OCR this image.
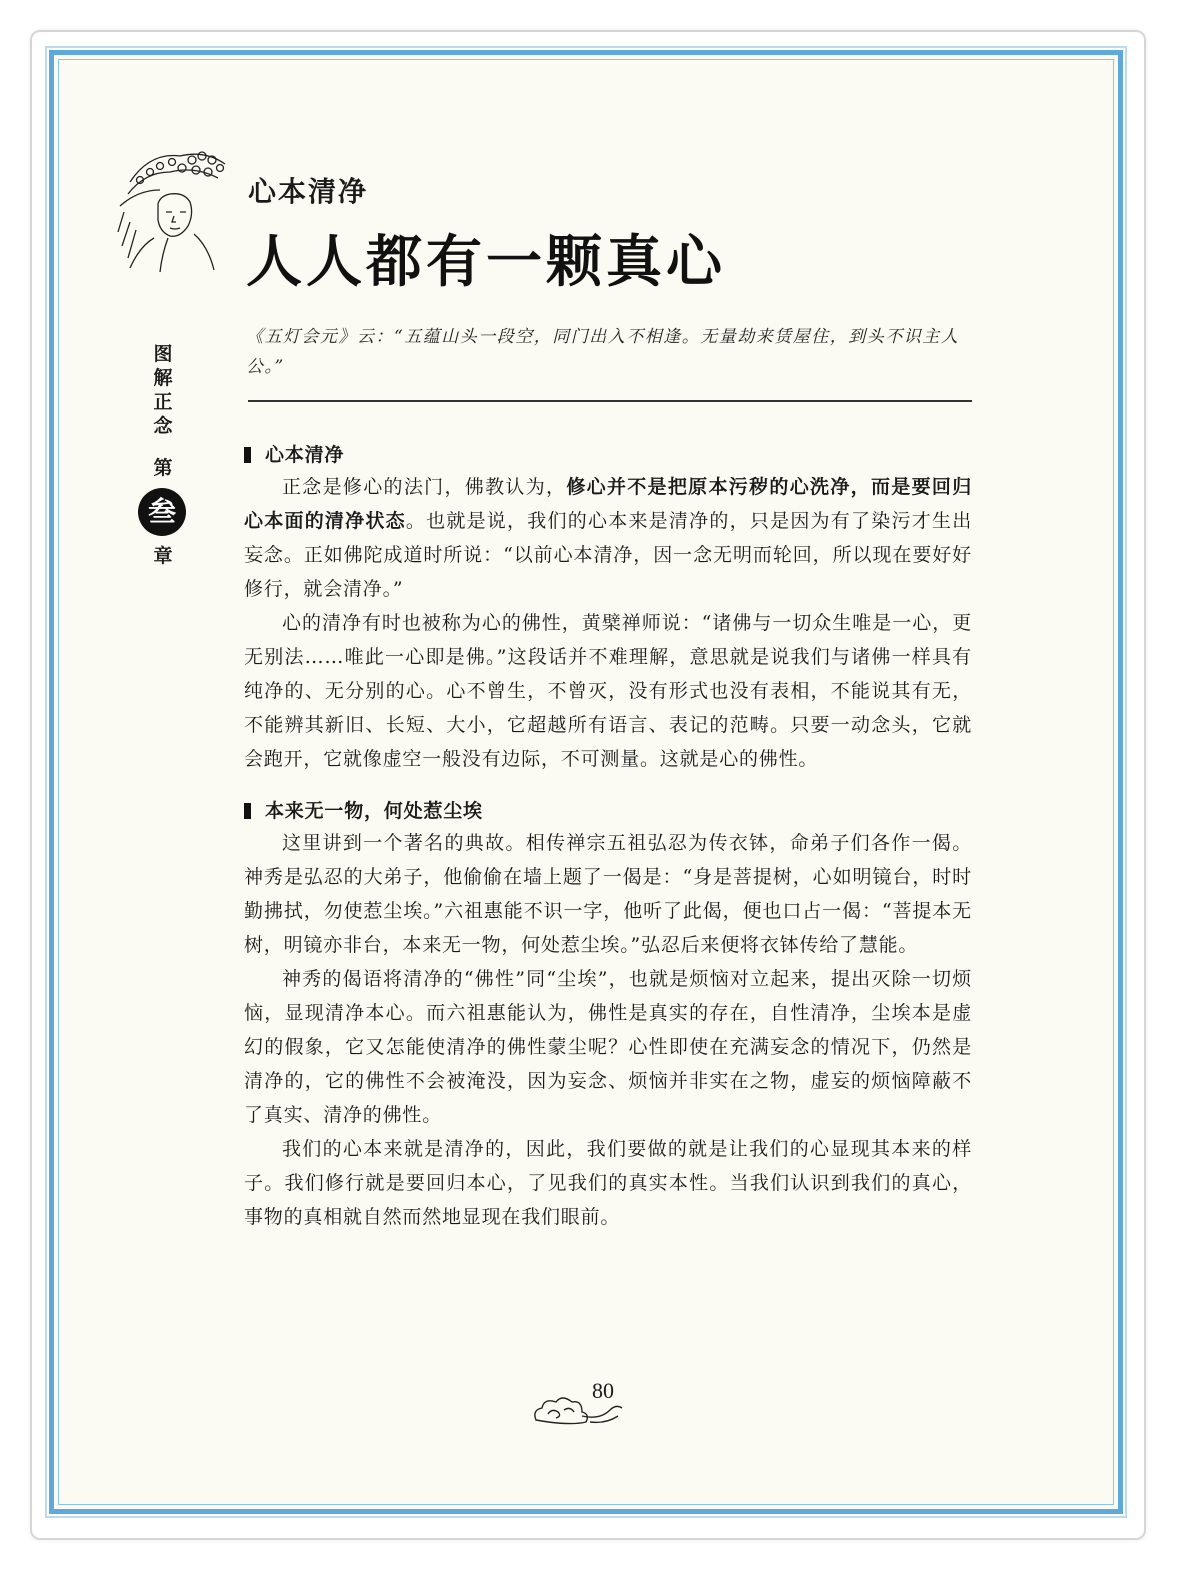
心本清净
人人都有一颗真心
《五灯会元》云：“五蕴山头一段空，同门出入不相逢。无量劫来赁屋住，到头不识主人公。”
图
解
正
念
第
叁
章
心本清净

正念是修心的法门，佛教认为，修心并不是把原本污秽的心洗净，而是要回归心本面的清净状态。也就是说，我们的心本来是清净的，只是因为有了染污才生出妄念。正如佛陀成道时所说：“以前心本清净，因一念无明而轮回，所以现在要好好修行，就会清净。”

心的清净有时也被称为心的佛性，黄檗禅师说：“诸佛与一切众生唯是一心，更无别法……唯此一心即是佛。”这段话并不难理解，意思就是说我们与诸佛一样具有纯净的、无分别的心。心不曾生，不曾灭，没有形式也没有表相，不能说其有无，不能辨其新旧、长短、大小，它超越所有语言、表记的范畴。只要一动念头，它就会跑开，它就像虚空一般没有边际，不可测量。这就是心的佛性。

本来无一物，何处惹尘埃

这里讲到一个著名的典故。相传禅宗五祖弘忍为传衣钵，命弟子们各作一偈。神秀是弘忍的大弟子，他偷偷在墙上题了一偈是：“身是菩提树，心如明镜台，时时勤拂拭，勿使惹尘埃。”六祖惠能不识一字，他听了此偈，便也口占一偈：“菩提本无树，明镜亦非台，本来无一物，何处惹尘埃。”弘忍后来便将衣钵传给了慧能。

神秀的偈语将清净的“佛性”同“尘埃”，也就是烦恼对立起来，提出灭除一切烦恼，显现清净本心。而六祖惠能认为，佛性是真实的存在，自性清净，尘埃本是虚幻的假象，它又怎能使清净的佛性蒙尘呢？心性即使在充满妄念的情况下，仍然是清净的，它的佛性不会被淹没，因为妄念、烦恼并非实在之物，虚妄的烦恼障蔽不了真实、清净的佛性。

我们的心本来就是清净的，因此，我们要做的就是让我们的心显现其本来的样子。我们修行就是要回归本心，了见我们的真实本性。当我们认识到我们的真心，事物的真相就自然而然地显现在我们眼前。

80
